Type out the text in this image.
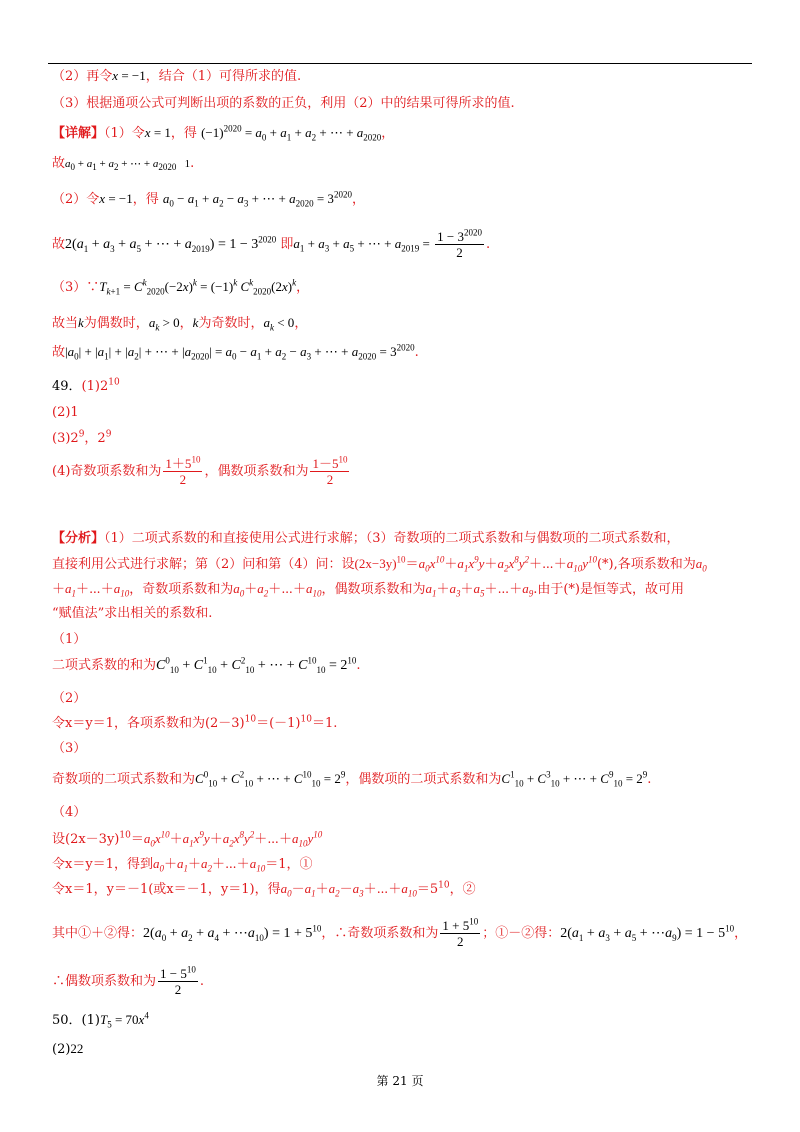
（2）再令x = −1，结合（1）可得所求的值.
（3）根据通项公式可判断出项的系数的正负，利用（2）中的结果可得所求的值.
【详解】（1）令x = 1，得 $(-1)^{2020} = a_0 + a_1 + a_2$ + ⋯ + $a_{2020}$，
故$a_0 + a_1 + a_2$ + ⋯ + $a_{2020}$   1.
（2）令x = −1，得 $a_0 - a_1 + a_2 - a_3$ + ⋯ + $a_{2020} = 3^{2020}$，
故$2(a_1 + a_3 + a_5$ + ⋯ + $a_{2019}) = 1 - 3^{2020}$ 即$a_1 + a_3 + a_5$ + ⋯ + $a_{2019} = \frac{1 - 3^{2020}}{2}$ .
$(3)\because T_{k+1} = C^k_{2020}(-2x)^k = (-1)^k$ $C^k_{2020}(2x)^k$，
故当k为偶数时，$a_k > 0$，k为奇数时，$a_k < 0$，
故$|a_0| + |a_1| + |a_2|$ + ⋯ + $|a_{2020}| = a_0 - a_1 + a_2 - a_3$ + ⋯ + $a_{2020} = 3^{2020}$.
49．$(1)2^{10}$
(2)1
$(3)2^9$，$2^9$
(4)奇数项系数和为 $\frac{1+5^{10}}{2}$ ，偶数项系数和为 $\frac{1-5^{10}}{2}$
【分析】（1）二项式系数的和直接使用公式进行求解；（3）奇数项的二项式系数和与偶数项的二项式系数和，
直接利用公式进行求解；第（2）问和第（4）问：设$(2x-3y)^{10}=a_0x^{10}+a_1x^9y+a_2x^8y^2+\cdots+a_{10}y^{10}(*)$,各项系数和为$a_0$
$+a_1+\cdots+a_{10}$，奇数项系数和为$a_0+a_2+\cdots+a_{10}$，偶数项系数和为$a_1+a_3+a_5+\cdots+a_9$.由于(*)是恒等式，故可用
“赋值法”求出相关的系数和.
（1）
二项式系数的和为$C^0_{10} + C^1_{10} + C^2_{10}$ + ⋯ + $C^{10}_{10} = 2^{10}$.
（2）
令x＝y＝1，各项系数和为$(2-3)^{10}=(-1)^{10}=1$.
（3）
奇数项的二项式系数和为$C^0_{10} + C^2_{10}$ + ⋯ + $C^{10}_{10} = 2^9$，偶数项的二项式系数和为$C^1_{10} + C^3_{10}$ + ⋯ + $C^9_{10} = 2^9$.
（4）
设$(2x-3y)^{10}=a_0x^{10}+a_1x^9y+a_2x^8y^2+\cdots+a_{10}y^{10}$
令x＝y＝1，得到$a_0+a_1+a_2+\cdots+a_{10}=1$，①
令x＝1，y＝－1(或x＝－1，y＝1)，得$a_0-a_1+a_2-a_3+\cdots+a_{10}=5^{10}$，②
其中①＋②得：$2(a_0 + a_2 + a_4$ + $\cdots a_{10}) = 1 + 5^{10}$，∴奇数项系数和为 $\frac{1 + 5^{10}}{2}$ ；①－②得：$2(a_1 + a_3 + a_5$ + $\cdots a_9) = 1 - 5^{10}$，
∴偶数项系数和为 $\frac{1 - 5^{10}}{2}$ .
50．$(1)T_5 = 70x^4$
(2)22
第 21 页
